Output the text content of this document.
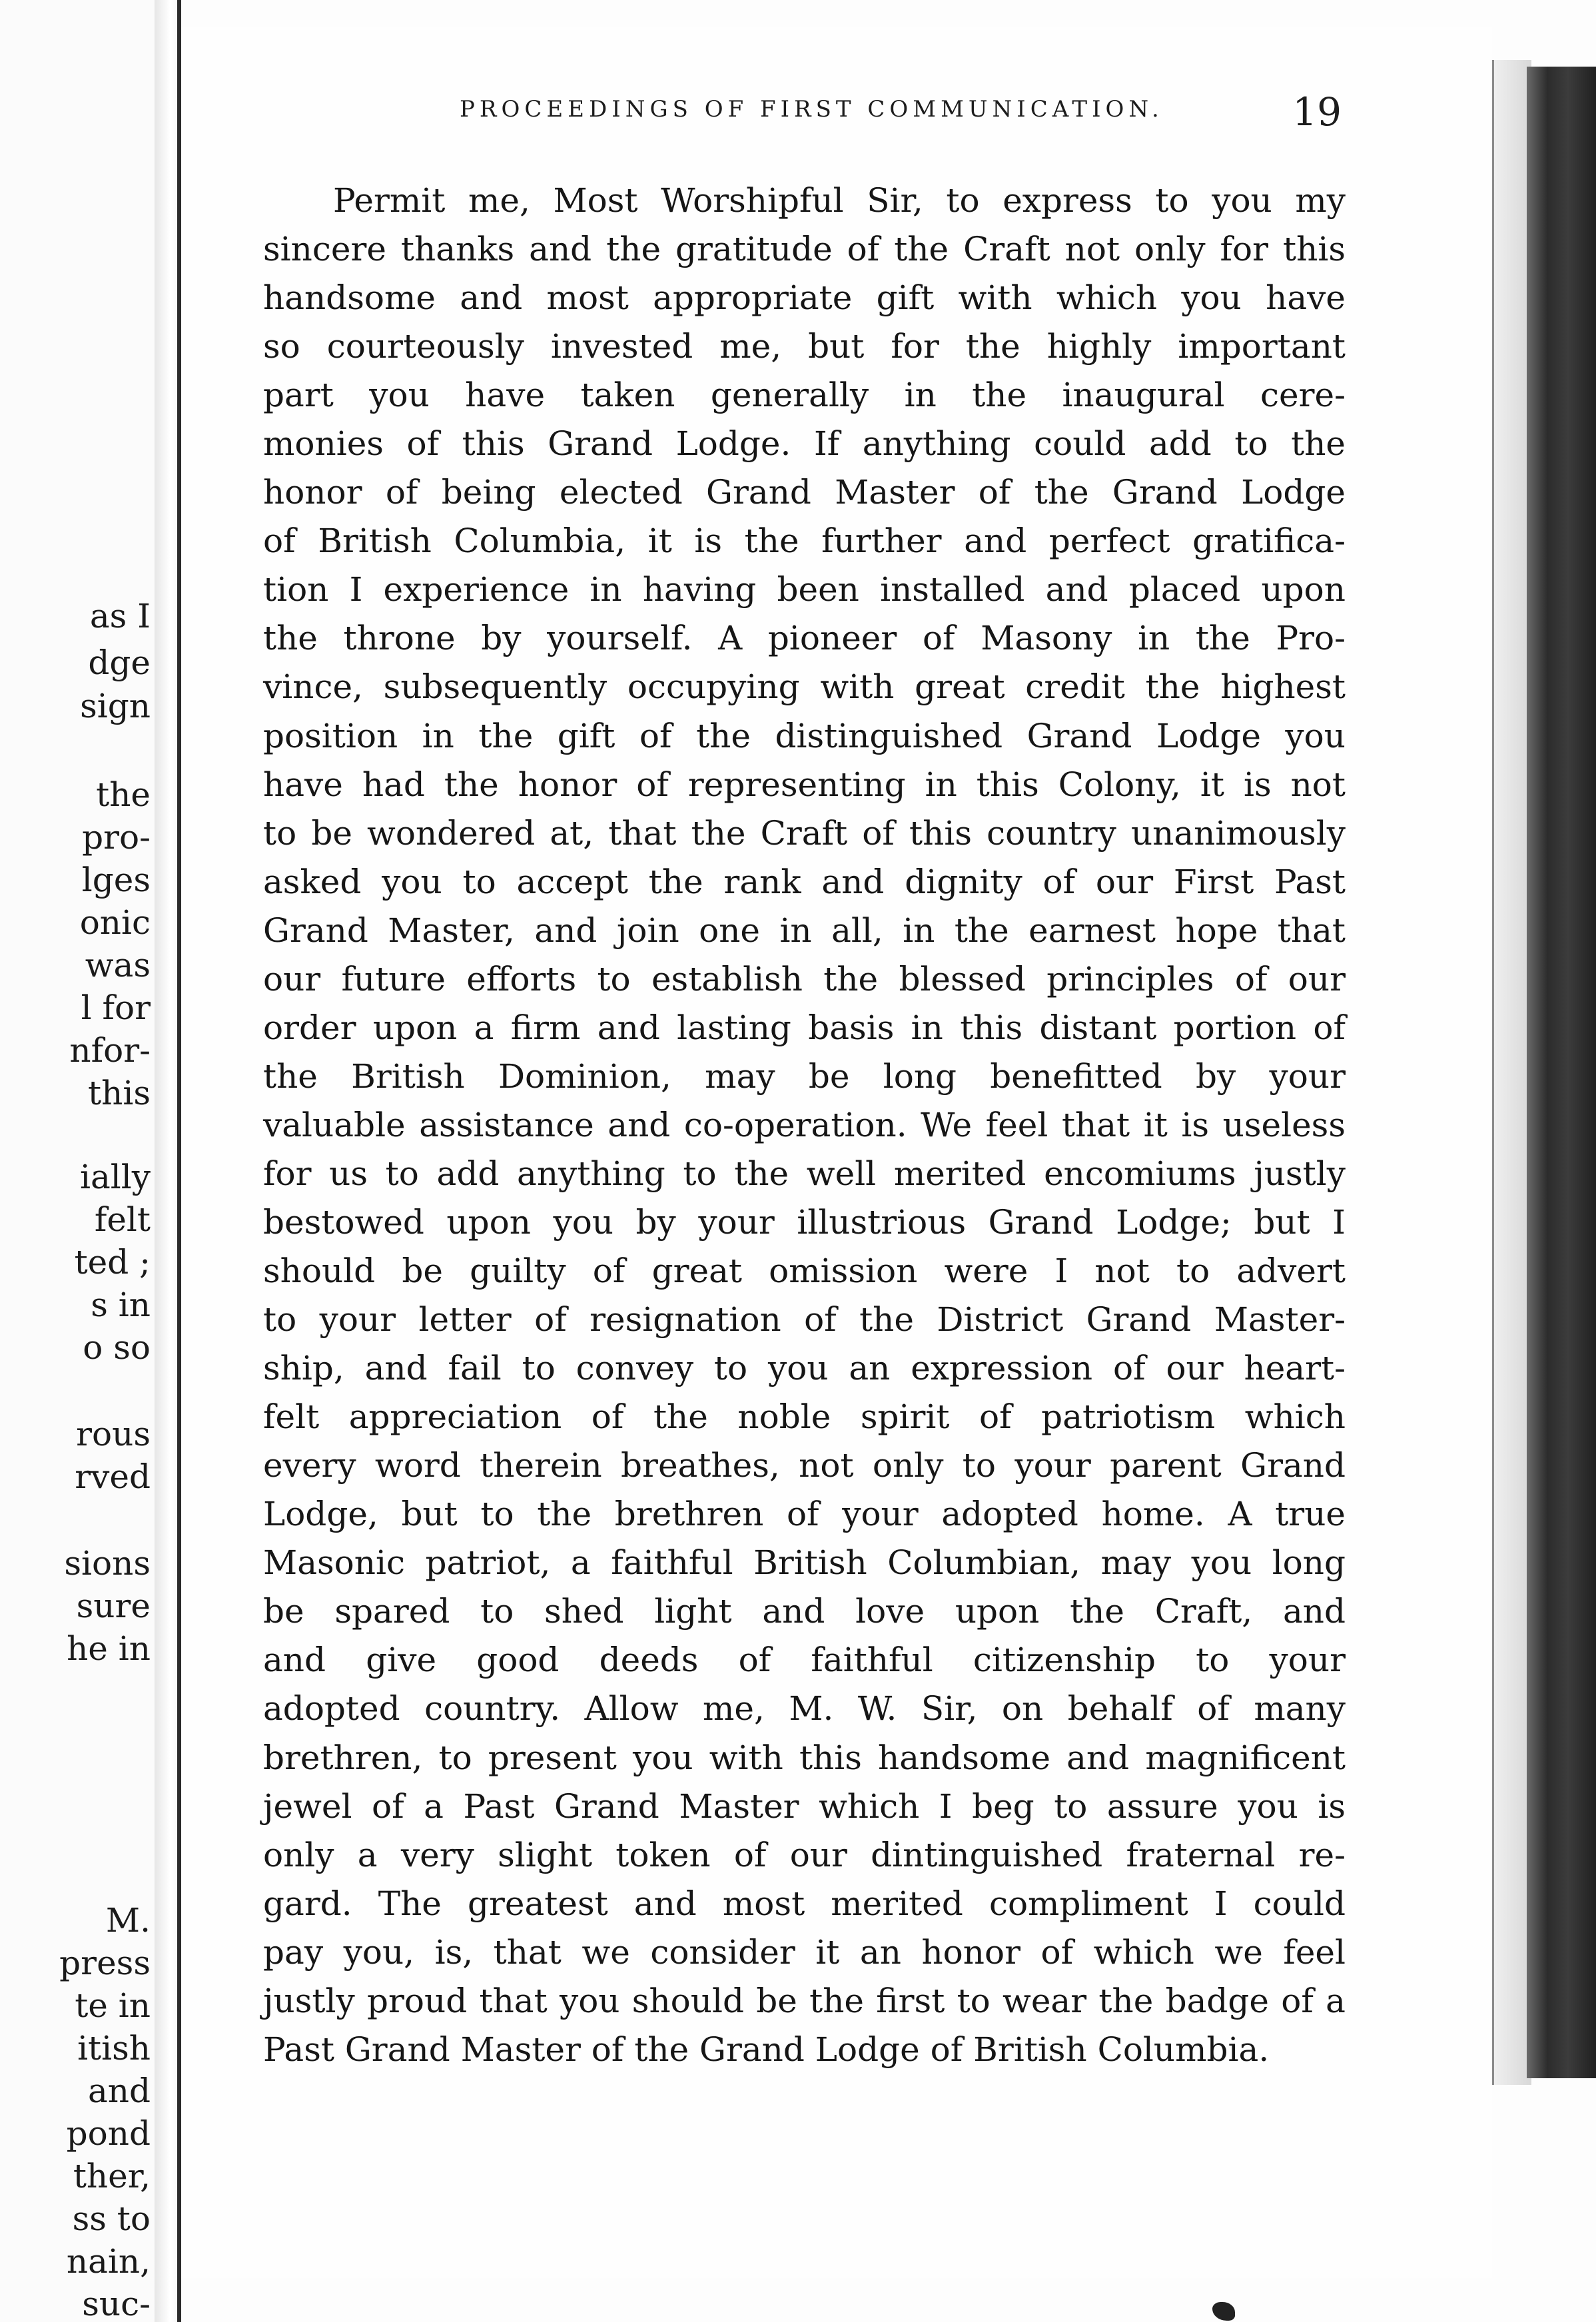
as I
dge
sign
the
pro-
lges
onic
was
l for
nfor-
this
ially
felt
ted ;
s in
o so
rous
rved
sions
sure
he in
M.
press
te in
itish
and
pond
ther,
ss to
nain,
suc-
PROCEEDINGS OF FIRST COMMUNICATION.	19
Permit me, Most Worshipful Sir, to express to you my
sincere thanks and the gratitude of the Craft not only for this
handsome and most appropriate gift with which you have
so courteously invested me, but for the highly important
part you have taken generally in the inaugural cere-
monies of this Grand Lodge. If anything could add to the
honor of being elected Grand Master of the Grand Lodge
of British Columbia, it is the further and perfect gratifica-
tion I experience in having been installed and placed upon
the throne by yourself. A pioneer of Masony in the Pro-
vince, subsequently occupying with great credit the highest
position in the gift of the distinguished Grand Lodge you
have had the honor of representing in this Colony, it is not
to be wondered at, that the Craft of this country unanimously
asked you to accept the rank and dignity of our First Past
Grand Master, and join one in all, in the earnest hope that
our future efforts to establish the blessed principles of our
order upon a firm and lasting basis in this distant portion of
the British Dominion, may be long benefitted by your
valuable assistance and co-operation. We feel that it is useless
for us to add anything to the well merited encomiums justly
bestowed upon you by your illustrious Grand Lodge; but I
should be guilty of great omission were I not to advert
to your letter of resignation of the District Grand Master-
ship, and fail to convey to you an expression of our heart-
felt appreciation of the noble spirit of patriotism which
every word therein breathes, not only to your parent Grand
Lodge, but to the brethren of your adopted home. A true
Masonic patriot, a faithful British Columbian, may you long
be spared to shed light and love upon the Craft, and
and give good deeds of faithful citizenship to your
adopted country. Allow me, M. W. Sir, on behalf of many
brethren, to present you with this handsome and magnificent
jewel of a Past Grand Master which I beg to assure you is
only a very slight token of our dintinguished fraternal re-
gard. The greatest and most merited compliment I could
pay you, is, that we consider it an honor of which we feel
justly proud that you should be the first to wear the badge of a
Past Grand Master of the Grand Lodge of British Columbia.
